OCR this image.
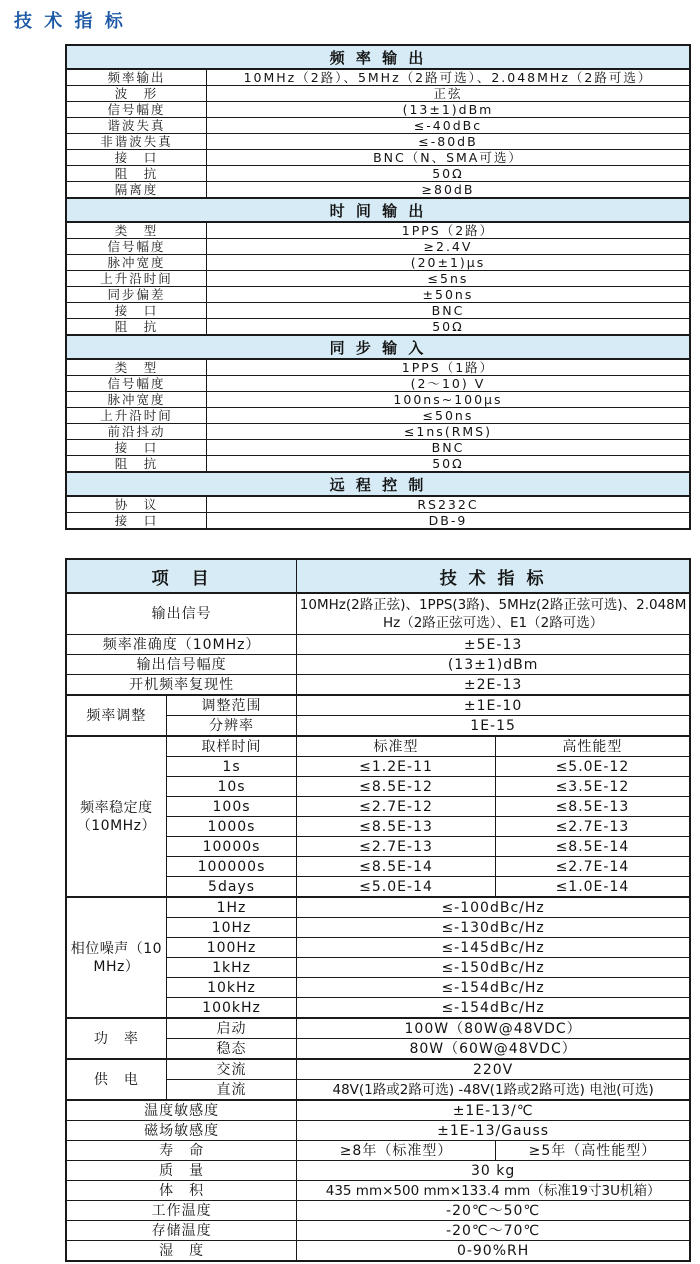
技 术 指 标
频 率 输 出	
频率输出	10MHz（2路）、5MHz（2路可选）、2.048MHz（2路可选）
波　形	正弦
信号幅度	(13±1)dBm
谐波失真	≤-40dBc
非谐波失真	≤-80dB
接　口	BNC（N、SMA可选）
阻　抗	50Ω
隔离度	≥80dB
时 间 输 出	
类　型	1PPS（2路）
信号幅度	≥2.4V
脉冲宽度	(20±1)μs
上升沿时间	≤5ns
同步偏差	±50ns
接　口	BNC
阻　抗	50Ω
同 步 输 入	
类　型	1PPS（1路）
信号幅度	(2～10) V
脉冲宽度	100ns~100μs
上升沿时间	≤50ns
前沿抖动	≤1ns(RMS)
接　口	BNC
阻　抗	50Ω
远 程 控 制	
协　议	RS232C
接　口	DB-9
项　目		技 术 指 标	
输出信号		10MHz(2路正弦)、1PPS(3路)、5MHz(2路正弦可选)、2.048MHz（2路正弦可选）、E1（2路可选）	
频率准确度（10MHz）		±5E-13	
输出信号幅度		(13±1)dBm	
开机频率复现性		±2E-13	
频率调整	调整范围	±1E-10	
	分辨率	1E-15	
频率稳定度（10MHz）	取样时间	标准型	高性能型
	1s	≤1.2E-11	≤5.0E-12
	10s	≤8.5E-12	≤3.5E-12
	100s	≤2.7E-12	≤8.5E-13
	1000s	≤8.5E-13	≤2.7E-13
	10000s	≤2.7E-13	≤8.5E-14
	100000s	≤8.5E-14	≤2.7E-14
	5days	≤5.0E-14	≤1.0E-14
相位噪声（10MHz）	1Hz	≤-100dBc/Hz	
	10Hz	≤-130dBc/Hz	
	100Hz	≤-145dBc/Hz	
	1kHz	≤-150dBc/Hz	
	10kHz	≤-154dBc/Hz	
	100kHz	≤-154dBc/Hz	
功　率	启动	100W（80W@48VDC）	
	稳态	80W（60W@48VDC）	
供　电	交流	220V	
	直流	48V(1路或2路可选) -48V(1路或2路可选) 电池(可选)	
温度敏感度		±1E-13/℃	
磁场敏感度		±1E-13/Gauss	
寿　命		≥8年（标准型）	≥5年（高性能型）
质　量		30 kg	
体　积		435 mm×500 mm×133.4 mm（标准19寸3U机箱）	
工作温度		-20℃～50℃	
存储温度		-20℃～70℃	
湿　度		0-90%RH	
